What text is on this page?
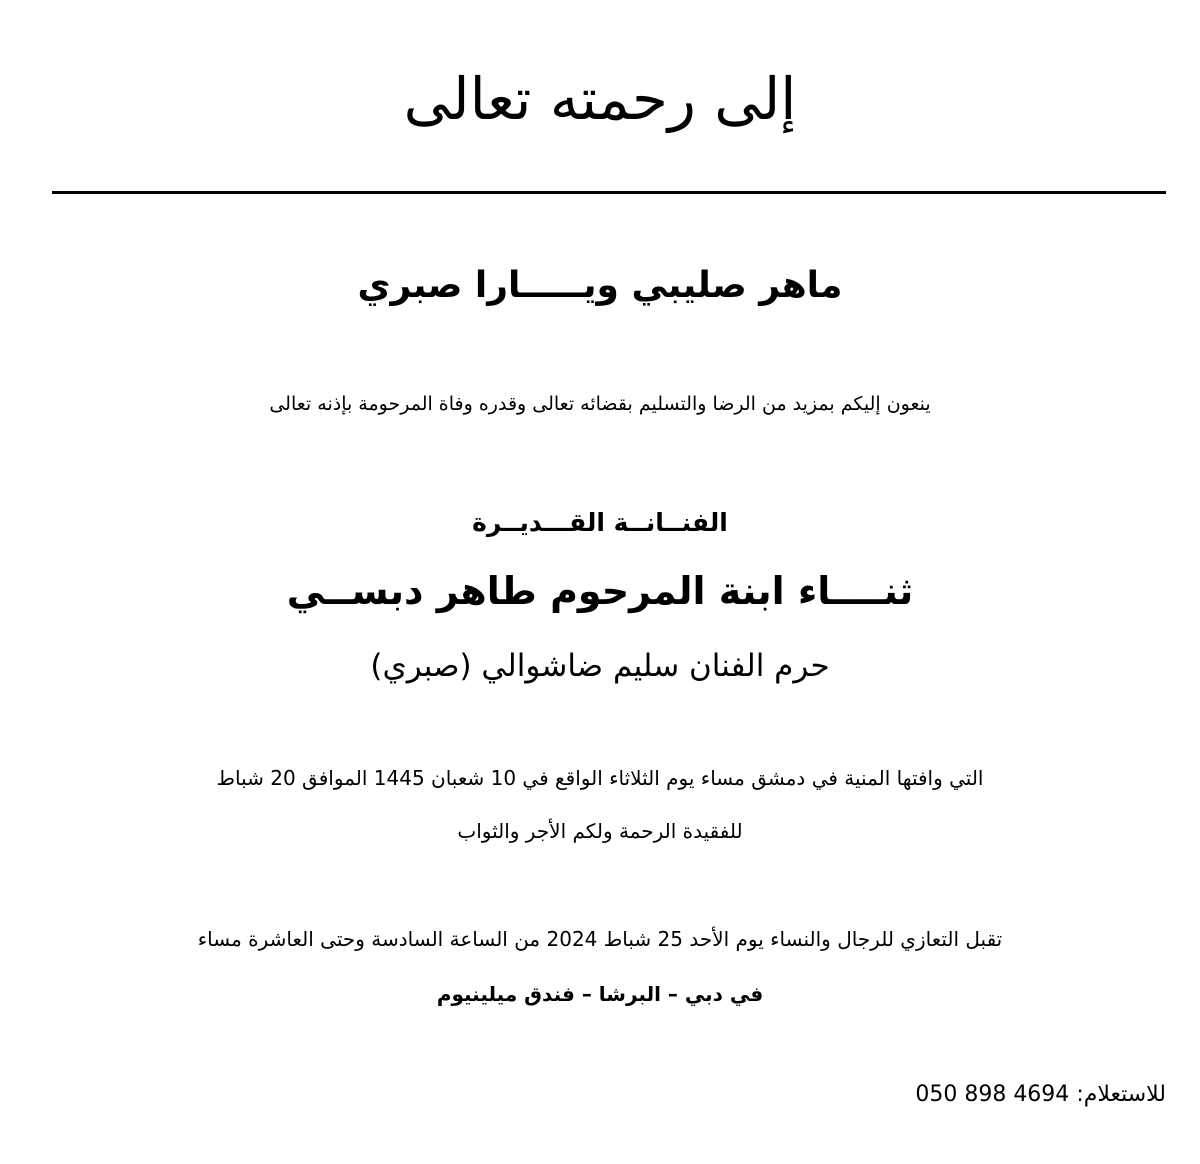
إلى رحمته تعالى
ماهر صليبي ويـــــارا صبري
ينعون إليكم بمزيد من الرضا والتسليم بقضائه تعالى وقدره وفاة المرحومة بإذنه تعالى
الفنــانــة القـــديــرة
ثنــــاء ابنة المرحوم طاهر دبســي
حرم الفنان سليم ضاشوالي (صبري)
التي وافتها المنية في دمشق مساء يوم الثلاثاء الواقع في 10 شعبان 1445 الموافق 20 شباط
للفقيدة الرحمة ولكم الأجر والثواب
تقبل التعازي للرجال والنساء يوم الأحد 25 شباط 2024 من الساعة السادسة وحتى العاشرة مساء
في دبي – البرشا – فندق ميلينيوم
للاستعلام: 050 898 4694
